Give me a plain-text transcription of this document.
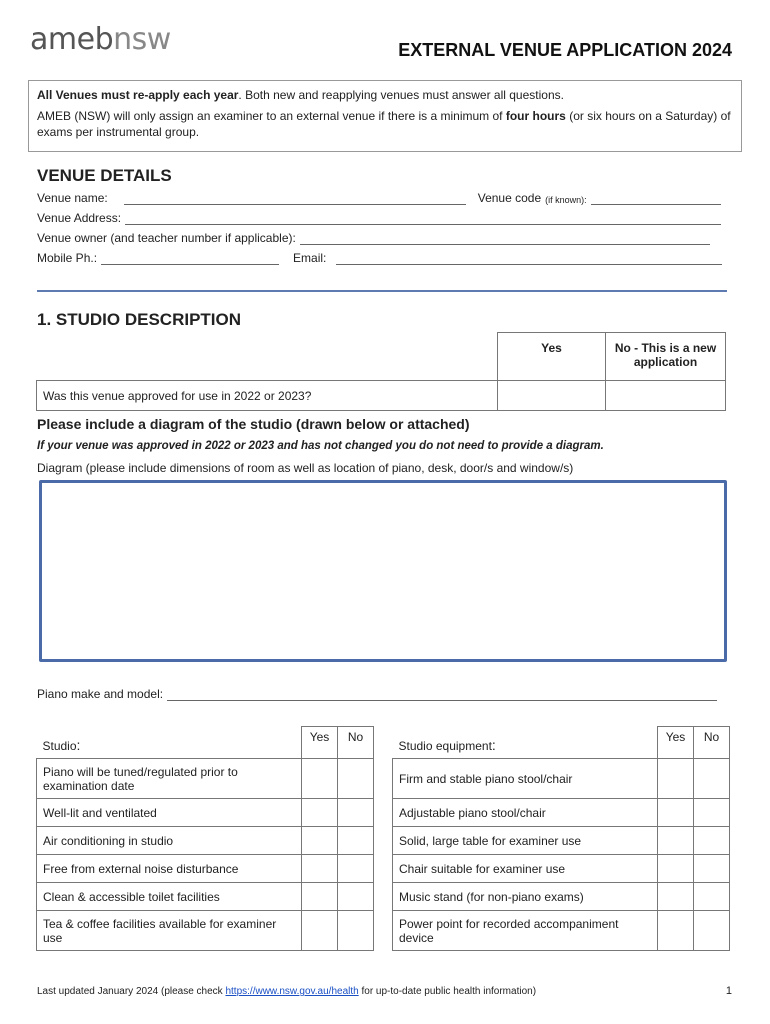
amebnsw	EXTERNAL VENUE APPLICATION 2024

All Venues must re-apply each year. Both new and reapplying venues must answer all questions.

AMEB (NSW) will only assign an examiner to an external venue if there is a minimum of four hours (or six hours on a Saturday) of exams per instrumental group.

VENUE DETAILS
Venue name:	Venue code (if known):
Venue Address:
Venue owner (and teacher number if applicable):
Mobile Ph.:	Email:
1. STUDIO DESCRIPTION
	Yes	No - This is a new application
Was this venue approved for use in 2022 or 2023?		
Please include a diagram of the studio (drawn below or attached)
If your venue was approved in 2022 or 2023 and has not changed you do not need to provide a diagram.
Diagram (please include dimensions of room as well as location of piano, desk, door/s and window/s)
Piano make and model:
Studio:	Yes	No
Piano will be tuned/regulated prior to examination date		
Well-lit and ventilated		
Air conditioning in studio		
Free from external noise disturbance		
Clean & accessible toilet facilities		
Tea & coffee facilities available for examiner use		
Studio equipment:	Yes	No
Firm and stable piano stool/chair		
Adjustable piano stool/chair		
Solid, large table for examiner use		
Chair suitable for examiner use		
Music stand (for non-piano exams)		
Power point for recorded accompaniment device		
Last updated January 2024 (please check https://www.nsw.gov.au/health for up-to-date public health information)	1
